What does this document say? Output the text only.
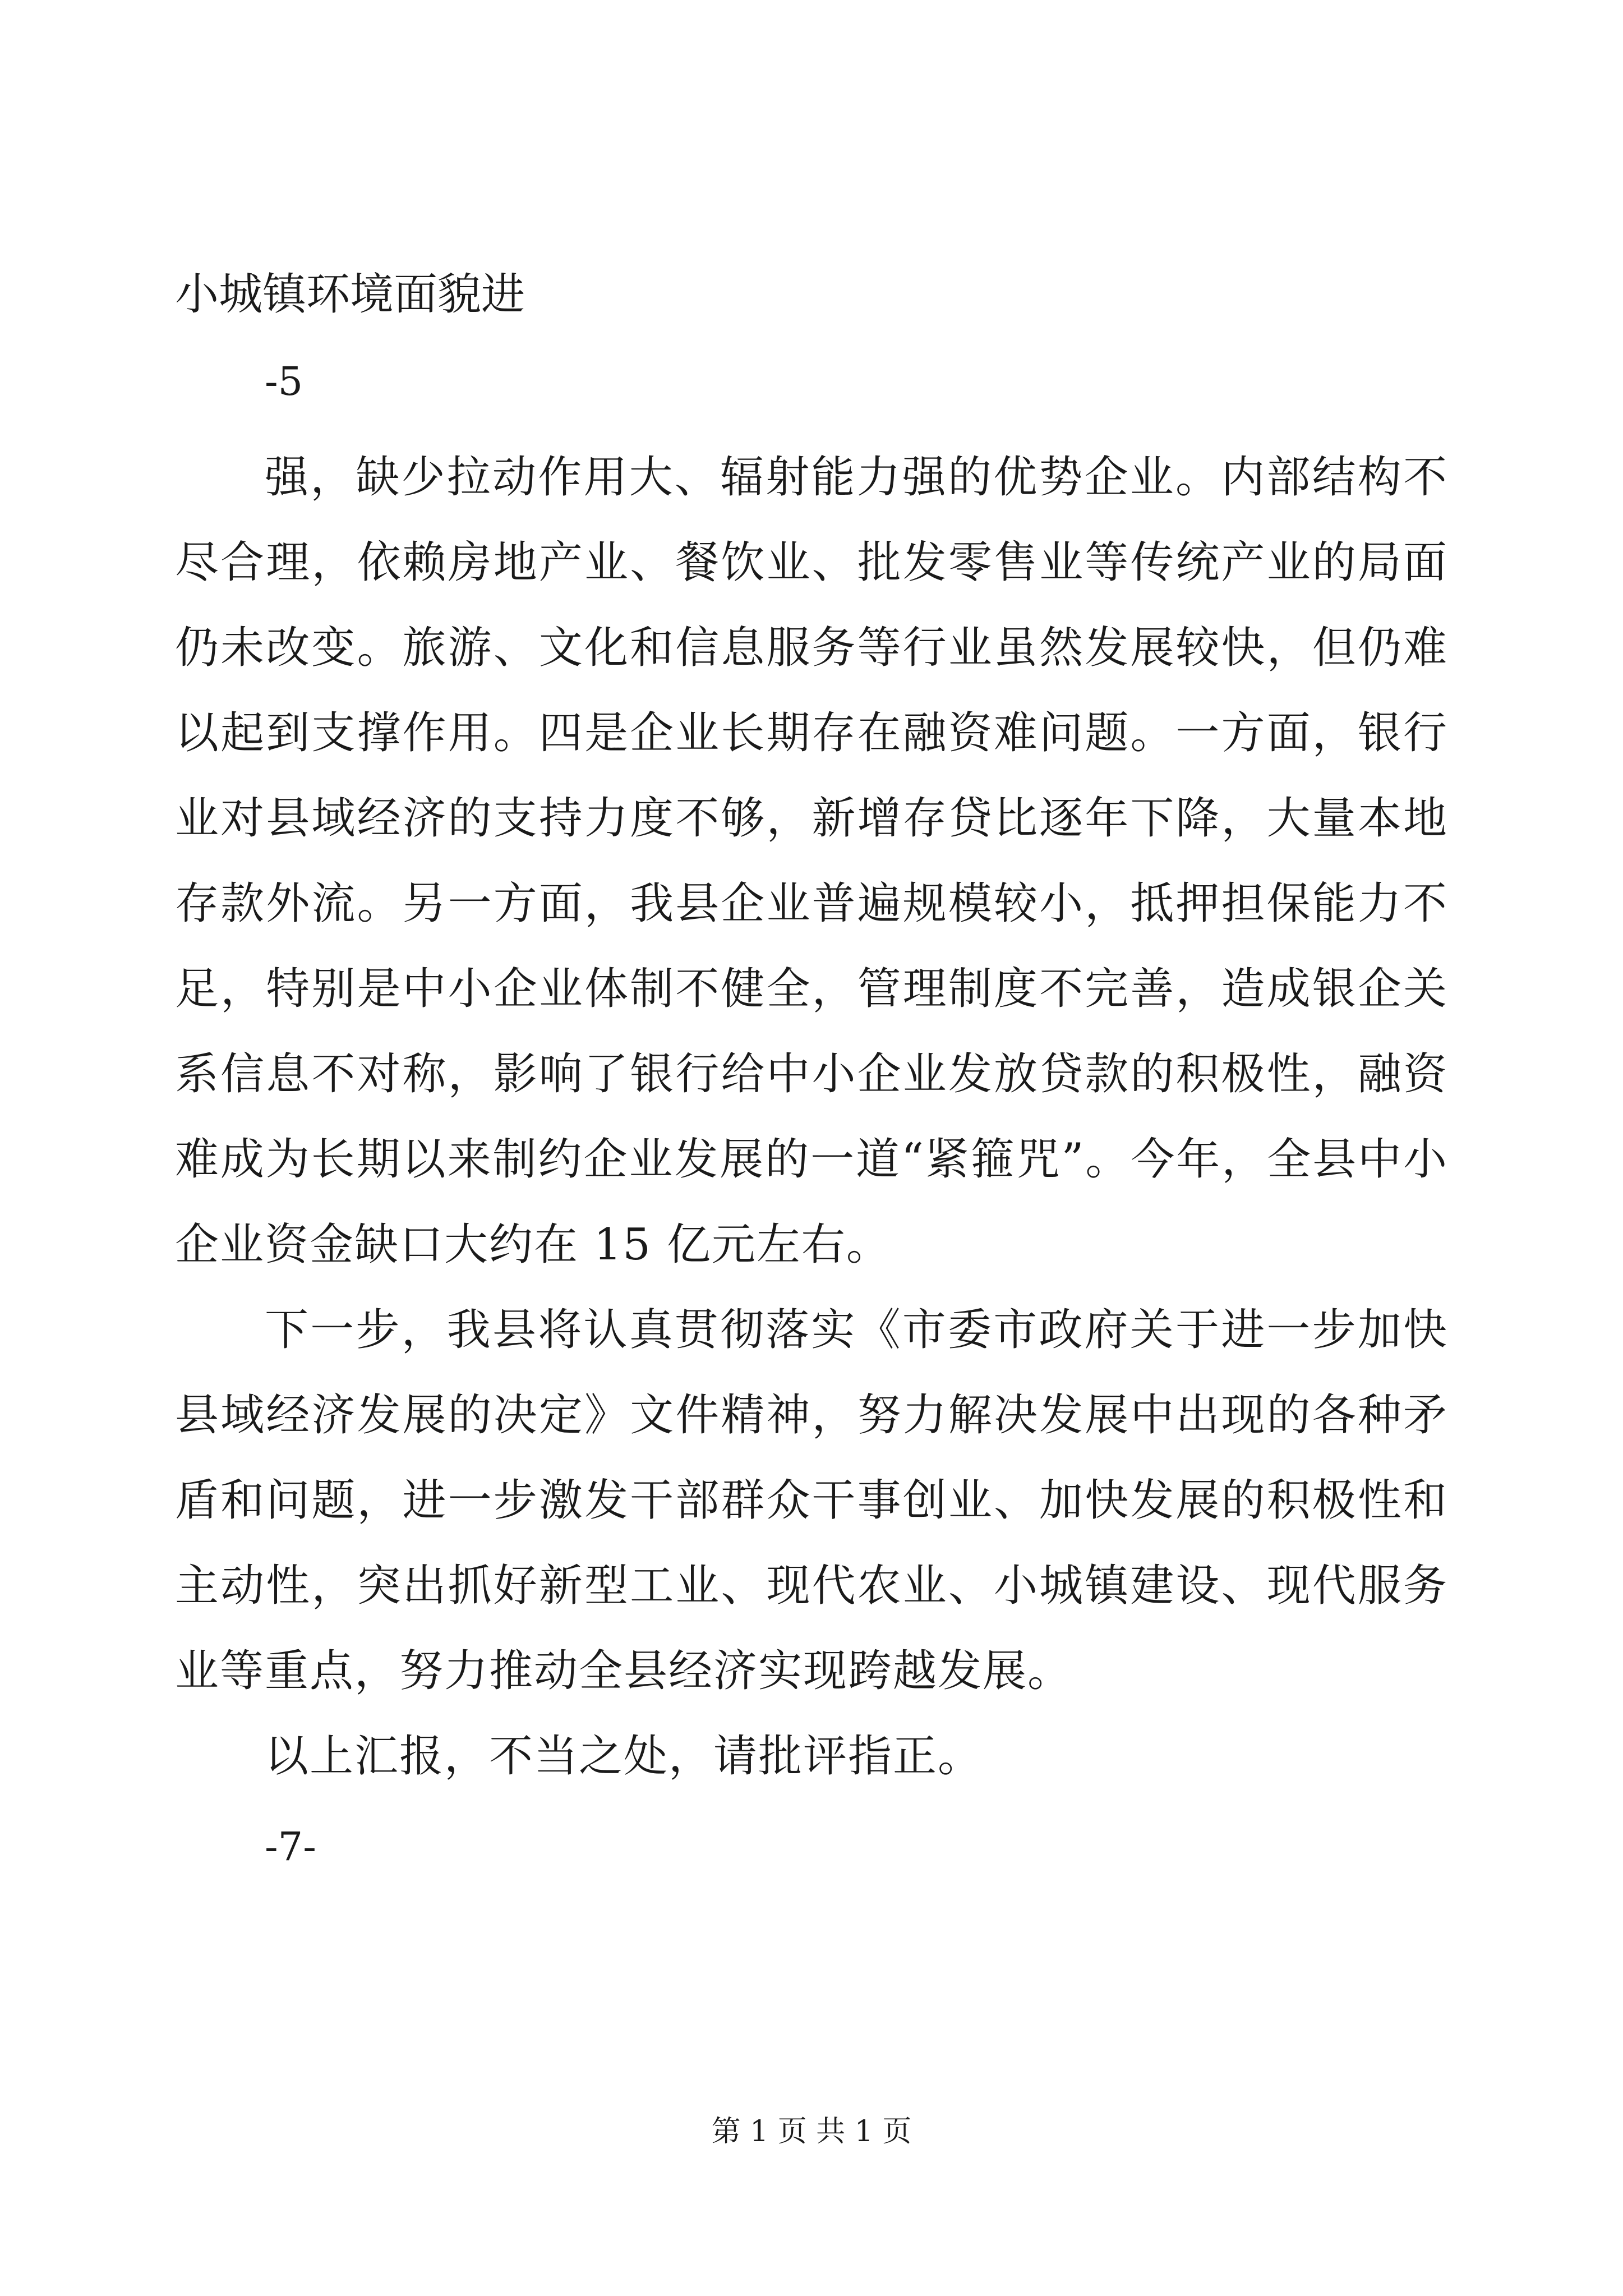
小城镇环境面貌进

-5

强，缺少拉动作用大、辐射能力强的优势企业。内部结构不尽合理，依赖房地产业、餐饮业、批发零售业等传统产业的局面仍未改变。旅游、文化和信息服务等行业虽然发展较快，但仍难以起到支撑作用。四是企业长期存在融资难问题。一方面，银行业对县域经济的支持力度不够，新增存贷比逐年下降，大量本地存款外流。另一方面，我县企业普遍规模较小，抵押担保能力不足，特别是中小企业体制不健全，管理制度不完善，造成银企关系信息不对称，影响了银行给中小企业发放贷款的积极性，融资难成为长期以来制约企业发展的一道“紧箍咒”。今年，全县中小企业资金缺口大约在 15 亿元左右。

下一步，我县将认真贯彻落实《市委市政府关于进一步加快县域经济发展的决定》文件精神，努力解决发展中出现的各种矛盾和问题，进一步激发干部群众干事创业、加快发展的积极性和主动性，突出抓好新型工业、现代农业、小城镇建设、现代服务业等重点，努力推动全县经济实现跨越发展。

以上汇报，不当之处，请批评指正。

-7-

第 1 页 共 1 页
